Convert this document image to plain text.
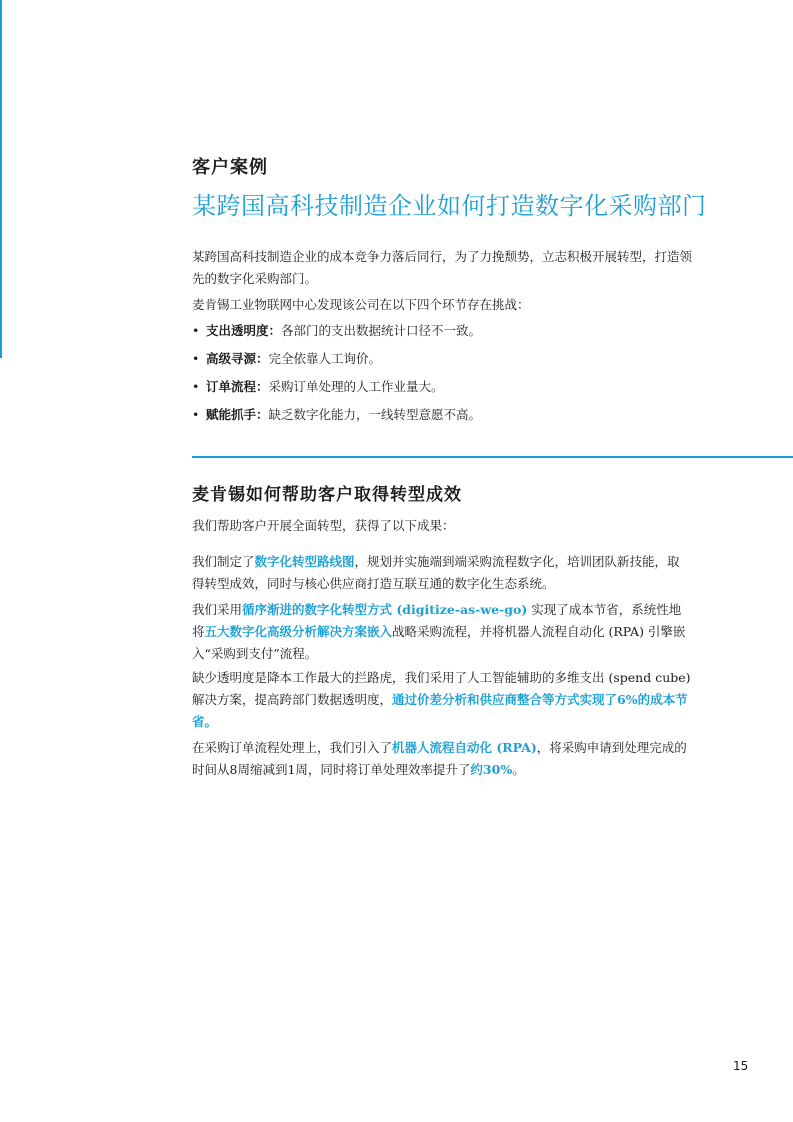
客户案例
某跨国高科技制造企业如何打造数字化采购部门
某跨国高科技制造企业的成本竞争力落后同行，为了力挽颓势，立志积极开展转型，打造领先的数字化采购部门。
麦肯锡工业物联网中心发现该公司在以下四个环节存在挑战：
• 支出透明度：各部门的支出数据统计口径不一致。
• 高级寻源：完全依靠人工询价。
• 订单流程：采购订单处理的人工作业量大。
• 赋能抓手：缺乏数字化能力，一线转型意愿不高。
麦肯锡如何帮助客户取得转型成效
我们帮助客户开展全面转型，获得了以下成果：
我们制定了数字化转型路线图，规划并实施端到端采购流程数字化，培训团队新技能，取得转型成效，同时与核心供应商打造互联互通的数字化生态系统。
我们采用循序渐进的数字化转型方式 (digitize-as-we-go) 实现了成本节省，系统性地将五大数字化高级分析解决方案嵌入战略采购流程，并将机器人流程自动化 (RPA) 引擎嵌入“采购到支付”流程。
缺少透明度是降本工作最大的拦路虎，我们采用了人工智能辅助的多维支出 (spend cube) 解决方案，提高跨部门数据透明度，通过价差分析和供应商整合等方式实现了6%的成本节省。
在采购订单流程处理上，我们引入了机器人流程自动化 (RPA)，将采购申请到处理完成的时间从8周缩减到1周，同时将订单处理效率提升了约30%。
15
